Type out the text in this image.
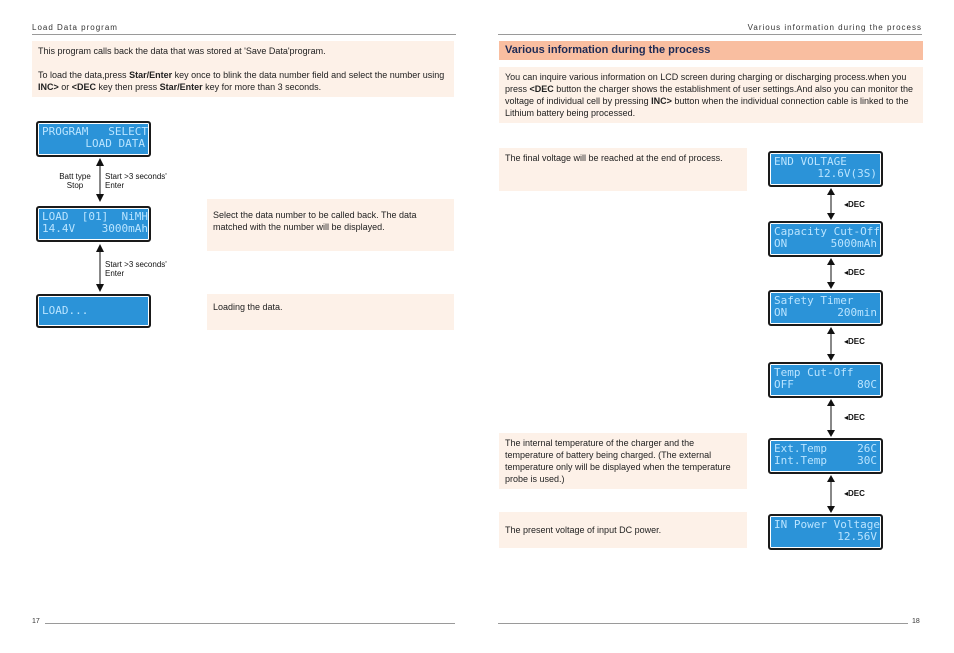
Load Data program

This program calls back the data that was stored at 'Save Data'program.

To load the data,press Star/Enter key once to blink the data number field and select the number using INC> or <DEC key then press Star/Enter key for more than 3 seconds.

PROGRAM   SELECT
LOAD DATA
Batt type
Stop
Start >3 seconds'
Enter
LOAD  [01]  NiMH
14.4V    3000mAh

Select the data number to be called back. The data matched with the number will be displayed.

Start >3 seconds'
Enter
LOAD...	Loading the data.

17
Various information during the process
Various information during the process

You can inquire various information on LCD screen during charging or discharging process.when you press <DEC button the charger shows the establishment of user settings.And also you can monitor the voltage of individual cell by pressing INC> button when the individual connection cable is linked to the Lithium battery being processed.

The final voltage will be reached at the end of process.

The internal temperature of the charger and the temperature of battery being charged. (The external temperature only will be displayed when the temperature probe is used.)

The present voltage of input DC power.

END VOLTAGE
12.6V(3S)
Capacity Cut-Off
ON	5000mAh
Safety Timer
ON	200min
Temp Cut-Off
OFF	80C
Ext.Temp	26C
Int.Temp	30C
IN Power Voltage
12.56V
◂DEC
◂DEC
◂DEC
◂DEC
◂DEC
18
